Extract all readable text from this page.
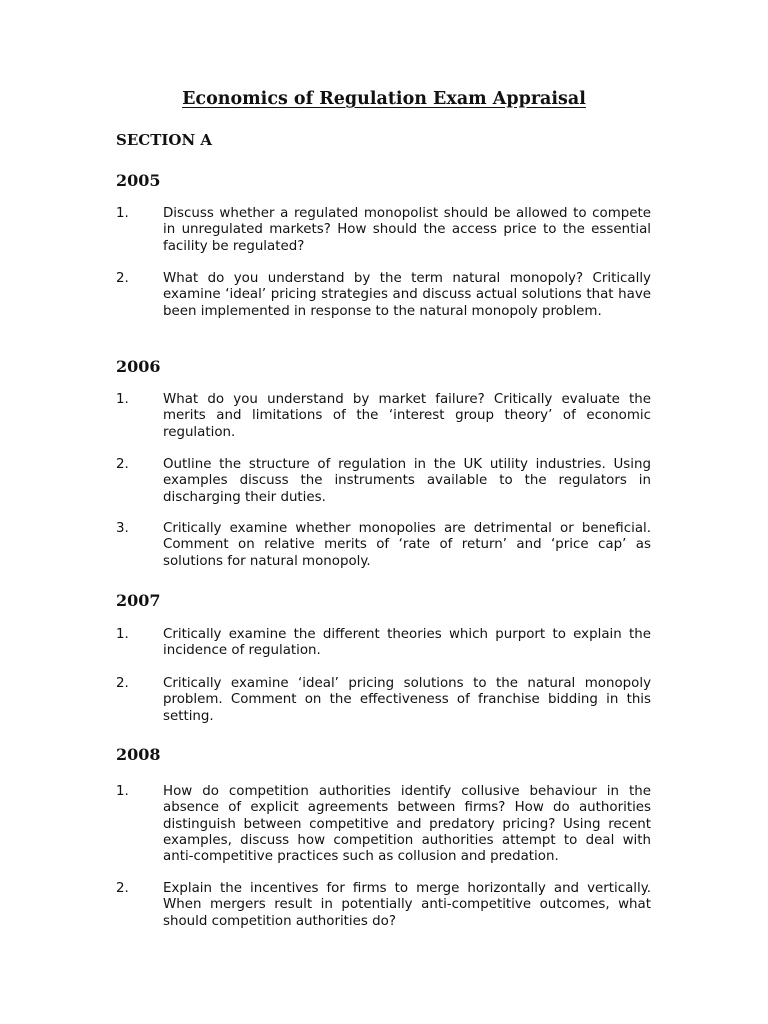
Economics of Regulation Exam Appraisal
SECTION A
2005
1.	Discuss whether a regulated monopolist should be allowed to compete in unregulated markets? How should the access price to the essential facility be regulated?
2.	What do you understand by the term natural monopoly? Critically examine ‘ideal’ pricing strategies and discuss actual solutions that have been implemented in response to the natural monopoly problem.
2006
1.	What do you understand by market failure? Critically evaluate the merits and limitations of the ‘interest group theory’ of economic regulation.
2.	Outline the structure of regulation in the UK utility industries. Using examples discuss the instruments available to the regulators in discharging their duties.
3.	Critically examine whether monopolies are detrimental or beneficial. Comment on relative merits of ‘rate of return’ and ‘price cap’ as solutions for natural monopoly.
2007
1.	Critically examine the different theories which purport to explain the incidence of regulation.
2.	Critically examine ‘ideal’ pricing solutions to the natural monopoly problem. Comment on the effectiveness of franchise bidding in this setting.
2008
1.	How do competition authorities identify collusive behaviour in the absence of explicit agreements between firms? How do authorities distinguish between competitive and predatory pricing? Using recent examples, discuss how competition authorities attempt to deal with anti-competitive practices such as collusion and predation.
2.	Explain the incentives for firms to merge horizontally and vertically. When mergers result in potentially anti-competitive outcomes, what should competition authorities do?
